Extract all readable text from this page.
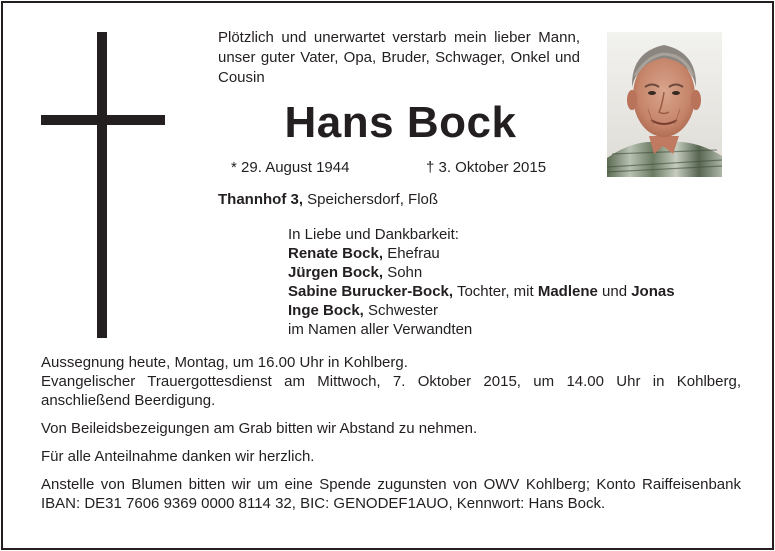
Plötzlich und unerwartet verstarb mein lieber Mann, unser guter Vater, Opa, Bruder, Schwager, Onkel und Cousin

Hans Bock

* 29. August 1944	† 3. Oktober 2015

Thannhof 3, Speichersdorf, Floß

In Liebe und Dankbarkeit:
Renate Bock, Ehefrau
Jürgen Bock, Sohn
Sabine Burucker-Bock, Tochter, mit Madlene und Jonas
Inge Bock, Schwester
im Namen aller Verwandten

Aussegnung heute, Montag, um 16.00 Uhr in Kohlberg.

Evangelischer Trauergottesdienst am Mittwoch, 7. Oktober 2015, um 14.00 Uhr in Kohlberg, anschließend Beerdigung.

Von Beileidsbezeigungen am Grab bitten wir Abstand zu nehmen.

Für alle Anteilnahme danken wir herzlich.

Anstelle von Blumen bitten wir um eine Spende zugunsten von OWV Kohlberg; Konto Raiffeisenbank IBAN: DE31 7606 9369 0000 8114 32, BIC: GENODEF1AUO, Kennwort: Hans Bock.
